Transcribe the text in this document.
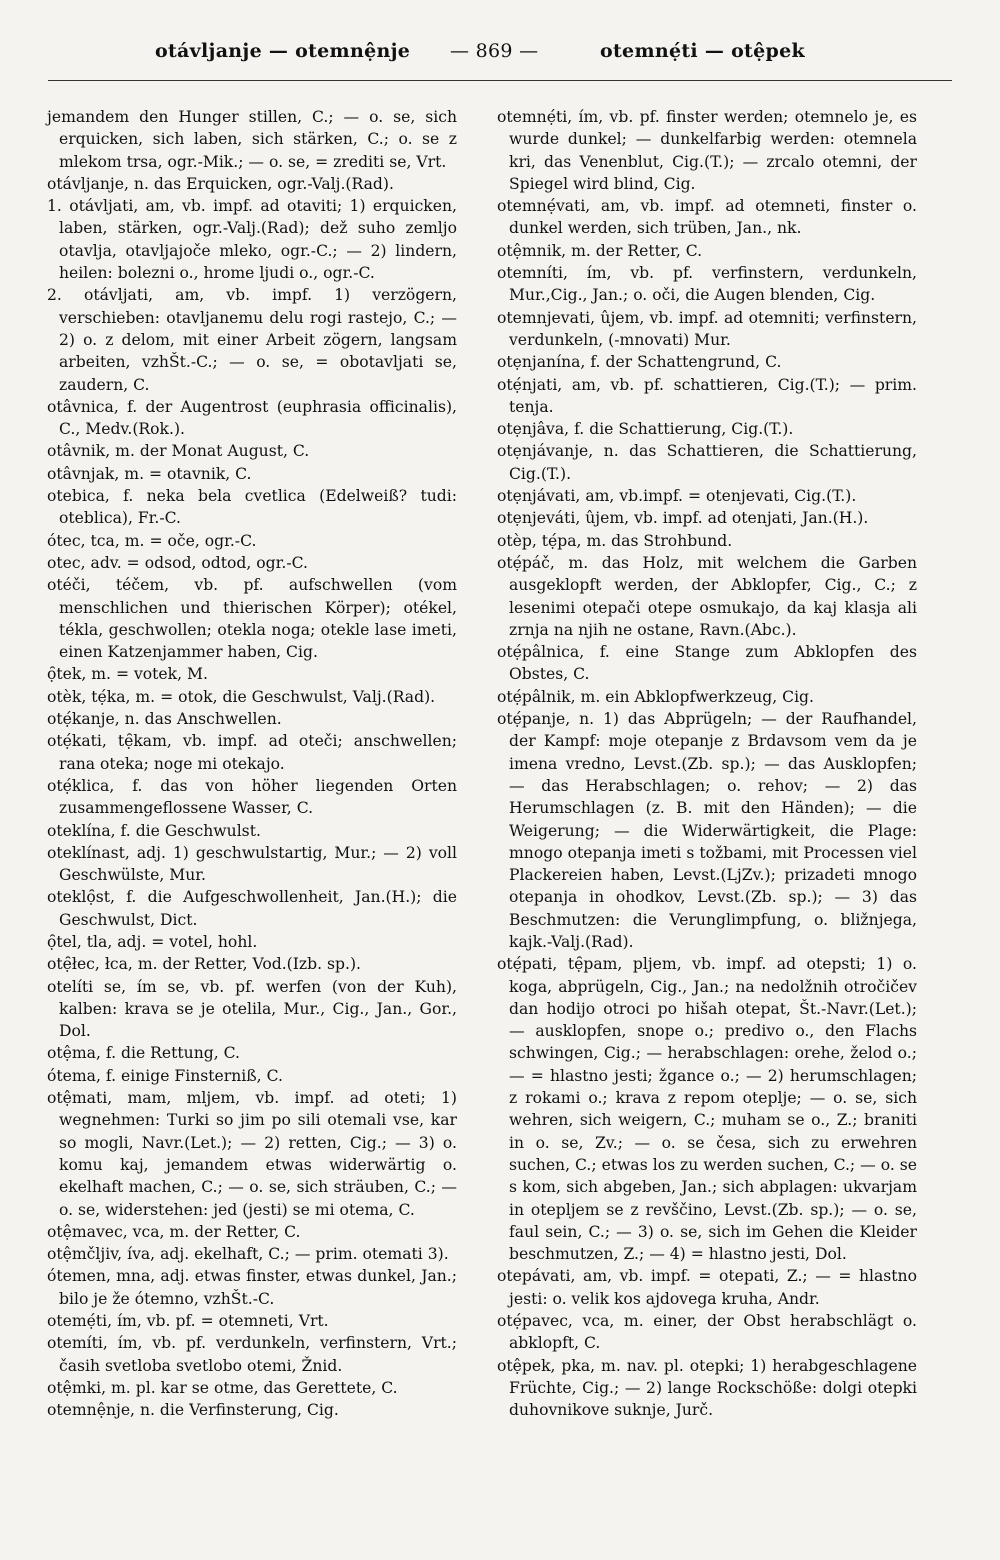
otávljanje — otemnệnje — 869 —	otemnẹ́ti — otệpek

jemandem den Hunger stillen, C.; — o. se, sich erquicken, sich laben, sich stärken, C.; o. se z mlekom trsa, ogr.-Mik.; — o. se, = zrediti se, Vrt.

otávljanje, n. das Erquicken, ogr.-Valj.(Rad).

1. otávljati, am, vb. impf. ad otaviti; 1) erquicken, laben, stärken, ogr.-Valj.(Rad); dež suho zemljo otavlja, otavljajoče mleko, ogr.-C.; — 2) lindern, heilen: bolezni o., hrome ljudi o., ogr.-C.

2. otávljati, am, vb. impf. 1) verzögern, verschieben: otavljanemu delu rogi rastejo, C.; — 2) o. z delom, mit einer Arbeit zögern, langsam arbeiten, vzhŠt.-C.; — o. se, = obotavljati se, zaudern, C.

otâvnica, f. der Augentrost (euphrasia officinalis), C., Medv.(Rok.).

otâvnik, m. der Monat August, C.

otâvnjak, m. = otavnik, C.

otebica, f. neka bela cvetlica (Edelweiß? tudi: oteblica), Fr.-C.

ótec, tca, m. = oče, ogr.-C.

otec, adv. = odsod, odtod, ogr.-C.

otéči, téčem, vb. pf. aufschwellen (vom menschlichen und thierischen Körper); otékel, tékla, geschwollen; otekla noga; otekle lase imeti, einen Katzenjammer haben, Cig.

ọ̑tek, m. = votek, M.

otèk, tẹ́ka, m. = otok, die Geschwulst, Valj.(Rad).

otẹ́kanje, n. das Anschwellen.

otẹ́kati, tẹ̑kam, vb. impf. ad oteči; anschwellen; rana oteka; noge mi otekajo.

otẹ́klica, f. das von höher liegenden Orten zusammengeflossene Wasser, C.

oteklína, f. die Geschwulst.

oteklínast, adj. 1) geschwulstartig, Mur.; — 2) voll Geschwülste, Mur.

oteklọ̑st, f. die Aufgeschwollenheit, Jan.(H.); die Geschwulst, Dict.

ọ̑tel, tla, adj. = votel, hohl.

otẹ̑łec, łca, m. der Retter, Vod.(Izb. sp.).

otelíti se, ím se, vb. pf. werfen (von der Kuh), kalben: krava se je otelila, Mur., Cig., Jan., Gor., Dol.

otệma, f. die Rettung, C.

ótema, f. einige Finsterniß, C.

otệmati, mam, mljem, vb. impf. ad oteti; 1) wegnehmen: Turki so jim po sili otemali vse, kar so mogli, Navr.(Let.); — 2) retten, Cig.; — 3) o. komu kaj, jemandem etwas widerwärtig o. ekelhaft machen, C.; — o. se, sich sträuben, C.; — o. se, widerstehen: jed (jesti) se mi otema, C.

otệmavec, vca, m. der Retter, C.

otệmčljiv, íva, adj. ekelhaft, C.; — prim. otemati 3).

ótemen, mna, adj. etwas finster, etwas dunkel, Jan.; bilo je že ótemno, vzhŠt.-C.

otemẹ́ti, ím, vb. pf. = otemneti, Vrt.

otemíti, ím, vb. pf. verdunkeln, verfinstern, Vrt.; časih svetloba svetlobo otemi, Žnid.

otệmki, m. pl. kar se otme, das Gerettete, C.

otemnệnje, n. die Verfinsterung, Cig.

otemnẹ́ti, ím, vb. pf. finster werden; otemnelo je, es wurde dunkel; — dunkelfarbig werden: otemnela kri, das Venenblut, Cig.(T.); — zrcalo otemni, der Spiegel wird blind, Cig.

otemnẹ́vati, am, vb. impf. ad otemneti, finster o. dunkel werden, sich trüben, Jan., nk.

otệmnik, m. der Retter, C.

otemníti, ím, vb. pf. verfinstern, verdunkeln, Mur.,Cig., Jan.; o. oči, die Augen blenden, Cig.

otemnjevati, ûjem, vb. impf. ad otemniti; verfinstern, verdunkeln, (-mnovati) Mur.

otẹnjanína, f. der Schattengrund, C.

otẹ́njati, am, vb. pf. schattieren, Cig.(T.); — prim. tenja.

otẹnjâva, f. die Schattierung, Cig.(T.).

otẹnjávanje, n. das Schattieren, die Schattierung, Cig.(T.).

otẹnjávati, am, vb.impf. = otenjevati, Cig.(T.).

otẹnjeváti, ûjem, vb. impf. ad otenjati, Jan.(H.).

otèp, tẹ́pa, m. das Strohbund.

otẹ́páč, m. das Holz, mit welchem die Garben ausgeklopft werden, der Abklopfer, Cig., C.; z lesenimi otepači otepe osmukajo, da kaj klasja ali zrnja na njih ne ostane, Ravn.(Abc.).

otẹ́pâlnica, f. eine Stange zum Abklopfen des Obstes, C.

otẹ́pâlnik, m. ein Abklopfwerkzeug, Cig.

otẹ́panje, n. 1) das Abprügeln; — der Raufhandel, der Kampf: moje otepanje z Brdavsom vem da je imena vredno, Levst.(Zb. sp.); — das Ausklopfen; — das Herabschlagen; o. rehov; — 2) das Herumschlagen (z. B. mit den Händen); — die Weigerung; — die Widerwärtigkeit, die Plage: mnogo otepanja imeti s tožbami, mit Processen viel Plackereien haben, Levst.(LjZv.); prizadeti mnogo otepanja in ohodkov, Levst.(Zb. sp.); — 3) das Beschmutzen: die Verunglimpfung, o. bližnjega, kajk.-Valj.(Rad).

otẹ́pati, tẹ̑pam, pljem, vb. impf. ad otepsti; 1) o. koga, abprügeln, Cig., Jan.; na nedolžnih otročičev dan hodijo otroci po hišah otepat, Št.-Navr.(Let.); — ausklopfen, snope o.; predivo o., den Flachs schwingen, Cig.; — herabschlagen: orehe, želod o.; — = hlastno jesti; žgance o.; — 2) herumschlagen; z rokami o.; krava z repom oteplje; — o. se, sich wehren, sich weigern, C.; muham se o., Z.; braniti in o. se, Zv.; — o. se česa, sich zu erwehren suchen, C.; etwas los zu werden suchen, C.; — o. se s kom, sich abgeben, Jan.; sich abplagen: ukvarjam in otepljem se z revščino, Levst.(Zb. sp.); — o. se, faul sein, C.; — 3) o. se, sich im Gehen die Kleider beschmutzen, Z.; — 4) = hlastno jesti, Dol.

otepávati, am, vb. impf. = otepati, Z.; — = hlastno jesti: o. velik kos ajdovega kruha, Andr.

otẹ́pavec, vca, m. einer, der Obst herabschlägt o. abklopft, C.

otệpek, pka, m. nav. pl. otepki; 1) herabgeschlagene Früchte, Cig.; — 2) lange Rockschöße: dolgi otepki duhovnikove suknje, Jurč.
